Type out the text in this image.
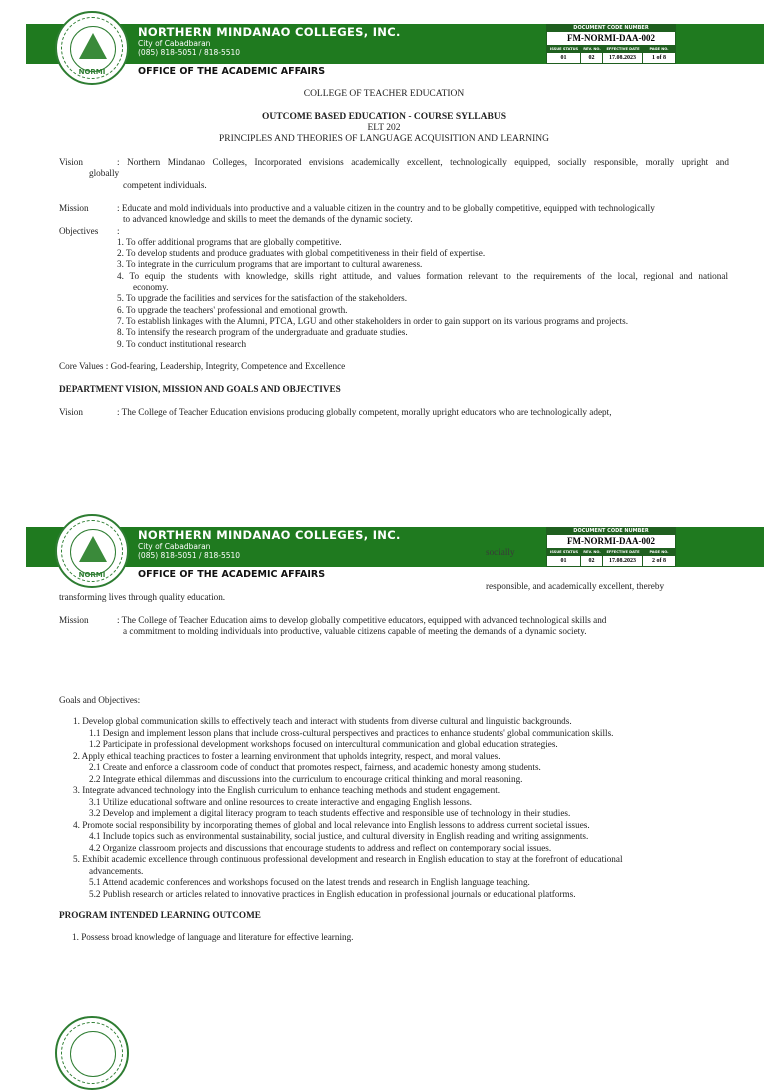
NORMI
NORTHERN MINDANAO COLLEGES, INC.
City of Cabadbaran
(085) 818-5051 / 818-5510
OFFICE OF THE ACADEMIC AFFAIRS
DOCUMENT CODE NUMBER
FM-NORMI-DAA-002
ISSUE STATUS	REV. NO.	EFFECTIVE DATE	PAGE NO.
01	02	17.08.2023	1 of 8
COLLEGE OF TEACHER EDUCATION
OUTCOME BASED EDUCATION - COURSE SYLLABUS
ELT 202
PRINCIPLES AND THEORIES OF LANGUAGE ACQUISITION AND LEARNING
Vision	: Northern Mindanao Colleges, Incorporated envisions academically excellent, technologically equipped, socially responsible, morally upright and
globally
competent individuals.
Mission	: Educate and mold individuals into productive and a valuable citizen in the country and to be globally competitive, equipped with technologically
to advanced knowledge and skills to meet the demands of the dynamic society.
Objectives :
1. To offer additional programs that are globally competitive.
2. To develop students and produce graduates with global competitiveness in their field of expertise.
3. To integrate in the curriculum programs that are important to cultural awareness.
4. To equip the students with knowledge, skills right attitude, and values formation relevant to the requirements of the local, regional and national
economy.
5. To upgrade the facilities and services for the satisfaction of the stakeholders.
6. To upgrade the teachers' professional and emotional growth.
7. To establish linkages with the Alumni, PTCA, LGU and other stakeholders in order to gain support on its various programs and projects.
8. To intensify the research program of the undergraduate and graduate studies.
9. To conduct institutional research
Core Values : God-fearing, Leadership, Integrity, Competence and Excellence
DEPARTMENT VISION, MISSION AND GOALS AND OBJECTIVES
Vision	: The College of Teacher Education envisions producing globally competent, morally upright educators who are technologically adept,
NORMI
NORTHERN MINDANAO COLLEGES, INC.
City of Cabadbaran
(085) 818-5051 / 818-5510
OFFICE OF THE ACADEMIC AFFAIRS
socially
DOCUMENT CODE NUMBER
FM-NORMI-DAA-002
ISSUE STATUS	REV. NO.	EFFECTIVE DATE	PAGE NO.
01	02	17.08.2023	2 of 8
responsible, and academically excellent, thereby
transforming lives through quality education.
Mission	: The College of Teacher Education aims to develop globally competitive educators, equipped with advanced technological skills and
a commitment to molding individuals into productive, valuable citizens capable of meeting the demands of a dynamic society.
Goals and Objectives:
1. Develop global communication skills to effectively teach and interact with students from diverse cultural and linguistic backgrounds.
1.1 Design and implement lesson plans that include cross-cultural perspectives and practices to enhance students' global communication skills.
1.2 Participate in professional development workshops focused on intercultural communication and global education strategies.
2. Apply ethical teaching practices to foster a learning environment that upholds integrity, respect, and moral values.
2.1 Create and enforce a classroom code of conduct that promotes respect, fairness, and academic honesty among students.
2.2 Integrate ethical dilemmas and discussions into the curriculum to encourage critical thinking and moral reasoning.
3. Integrate advanced technology into the English curriculum to enhance teaching methods and student engagement.
3.1 Utilize educational software and online resources to create interactive and engaging English lessons.
3.2 Develop and implement a digital literacy program to teach students effective and responsible use of technology in their studies.
4. Promote social responsibility by incorporating themes of global and local relevance into English lessons to address current societal issues.
4.1 Include topics such as environmental sustainability, social justice, and cultural diversity in English reading and writing assignments.
4.2 Organize classroom projects and discussions that encourage students to address and reflect on contemporary social issues.
5. Exhibit academic excellence through continuous professional development and research in English education to stay at the forefront of educational
advancements.
5.1 Attend academic conferences and workshops focused on the latest trends and research in English language teaching.
5.2 Publish research or articles related to innovative practices in English education in professional journals or educational platforms.
PROGRAM INTENDED LEARNING OUTCOME
1. Possess broad knowledge of language and literature for effective learning.
